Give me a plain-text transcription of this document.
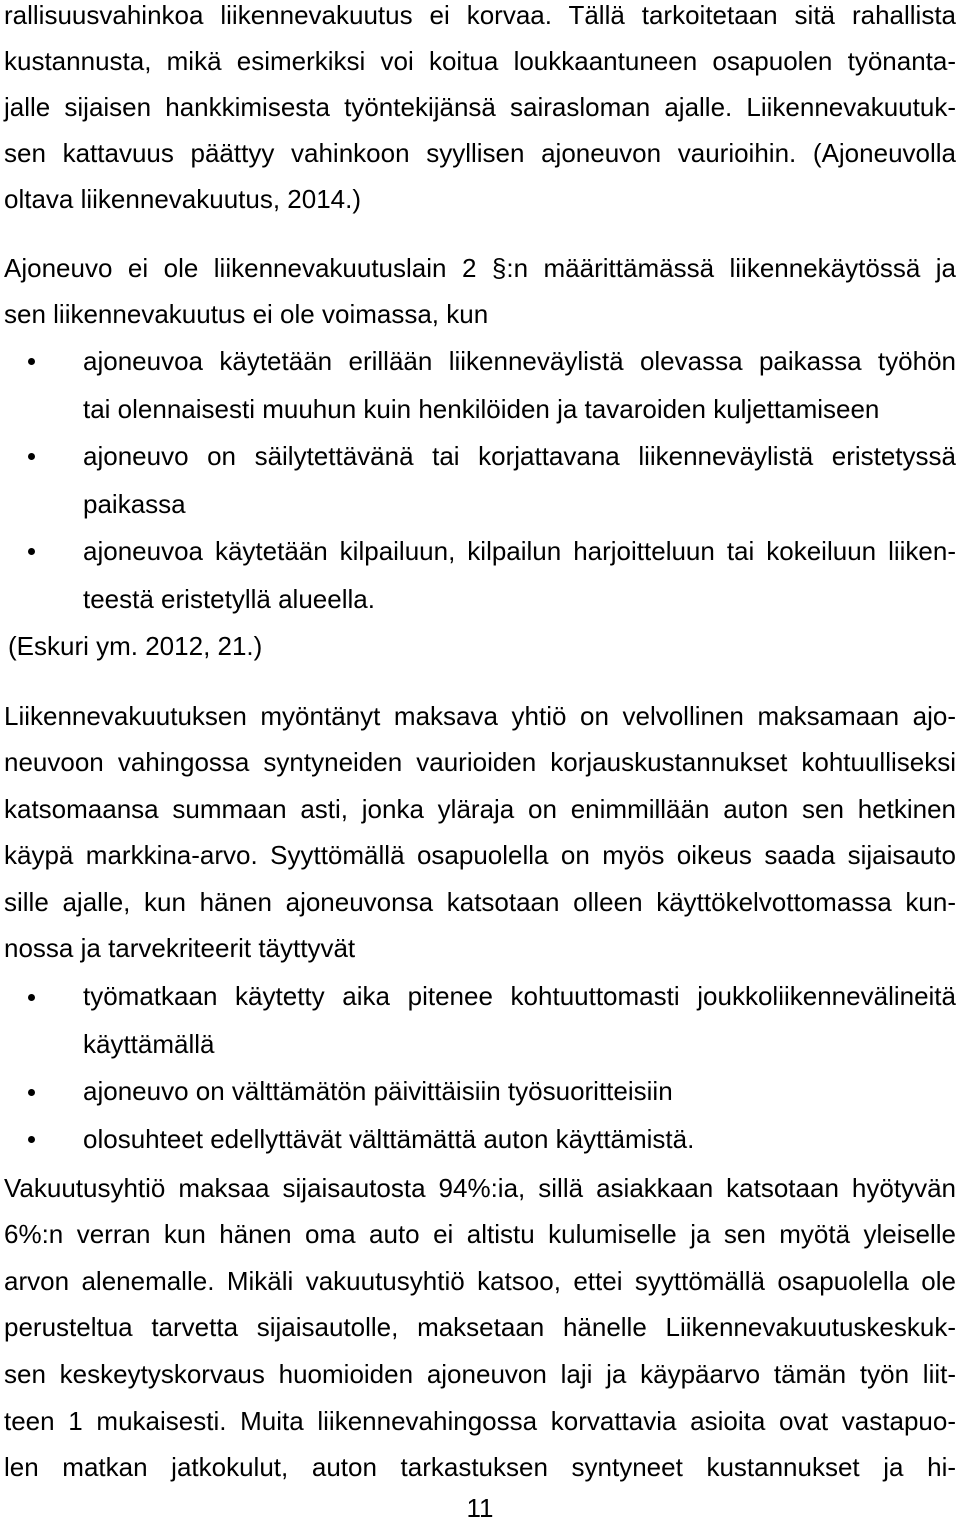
rallisuusvahinkoa liikennevakuutus ei korvaa. Tällä tarkoitetaan sitä rahallista
kustannusta, mikä esimerkiksi voi koitua loukkaantuneen osapuolen työnanta-
jalle sijaisen hankkimisesta työntekijänsä sairasloman ajalle. Liikennevakuutuk-
sen kattavuus päättyy vahinkoon syyllisen ajoneuvon vaurioihin. (Ajoneuvolla
oltava liikennevakuutus, 2014.)
Ajoneuvo ei ole liikennevakuutuslain 2 §:n määrittämässä liikennekäytössä ja
sen liikennevakuutus ei ole voimassa, kun
ajoneuvoa käytetään erillään liikenneväylistä olevassa paikassa työhön
tai olennaisesti muuhun kuin henkilöiden ja tavaroiden kuljettamiseen
ajoneuvo on säilytettävänä tai korjattavana liikenneväylistä eristetyssä
paikassa
ajoneuvoa käytetään kilpailuun, kilpailun harjoitteluun tai kokeiluun liiken-
teestä eristetyllä alueella.
(Eskuri ym. 2012, 21.)
Liikennevakuutuksen myöntänyt maksava yhtiö on velvollinen maksamaan ajo-
neuvoon vahingossa syntyneiden vaurioiden korjauskustannukset kohtuulliseksi
katsomaansa summaan asti, jonka yläraja on enimmillään auton sen hetkinen
käypä markkina-arvo. Syyttömällä osapuolella on myös oikeus saada sijaisauto
sille ajalle, kun hänen ajoneuvonsa katsotaan olleen käyttökelvottomassa kun-
nossa ja tarvekriteerit täyttyvät
työmatkaan käytetty aika pitenee kohtuuttomasti joukkoliikennevälineitä
käyttämällä
ajoneuvo on välttämätön päivittäisiin työsuoritteisiin
olosuhteet edellyttävät välttämättä auton käyttämistä.
Vakuutusyhtiö maksaa sijaisautosta 94%:ia, sillä asiakkaan katsotaan hyötyvän
6%:n verran kun hänen oma auto ei altistu kulumiselle ja sen myötä yleiselle
arvon alenemalle. Mikäli vakuutusyhtiö katsoo, ettei syyttömällä osapuolella ole
perusteltua tarvetta sijaisautolle, maksetaan hänelle Liikennevakuutuskeskuk-
sen keskeytyskorvaus huomioiden ajoneuvon laji ja käypäarvo tämän työn liit-
teen 1 mukaisesti. Muita liikennevahingossa korvattavia asioita ovat vastapuo-
len matkan jatkokulut, auton tarkastuksen syntyneet kustannukset ja hi-
11
